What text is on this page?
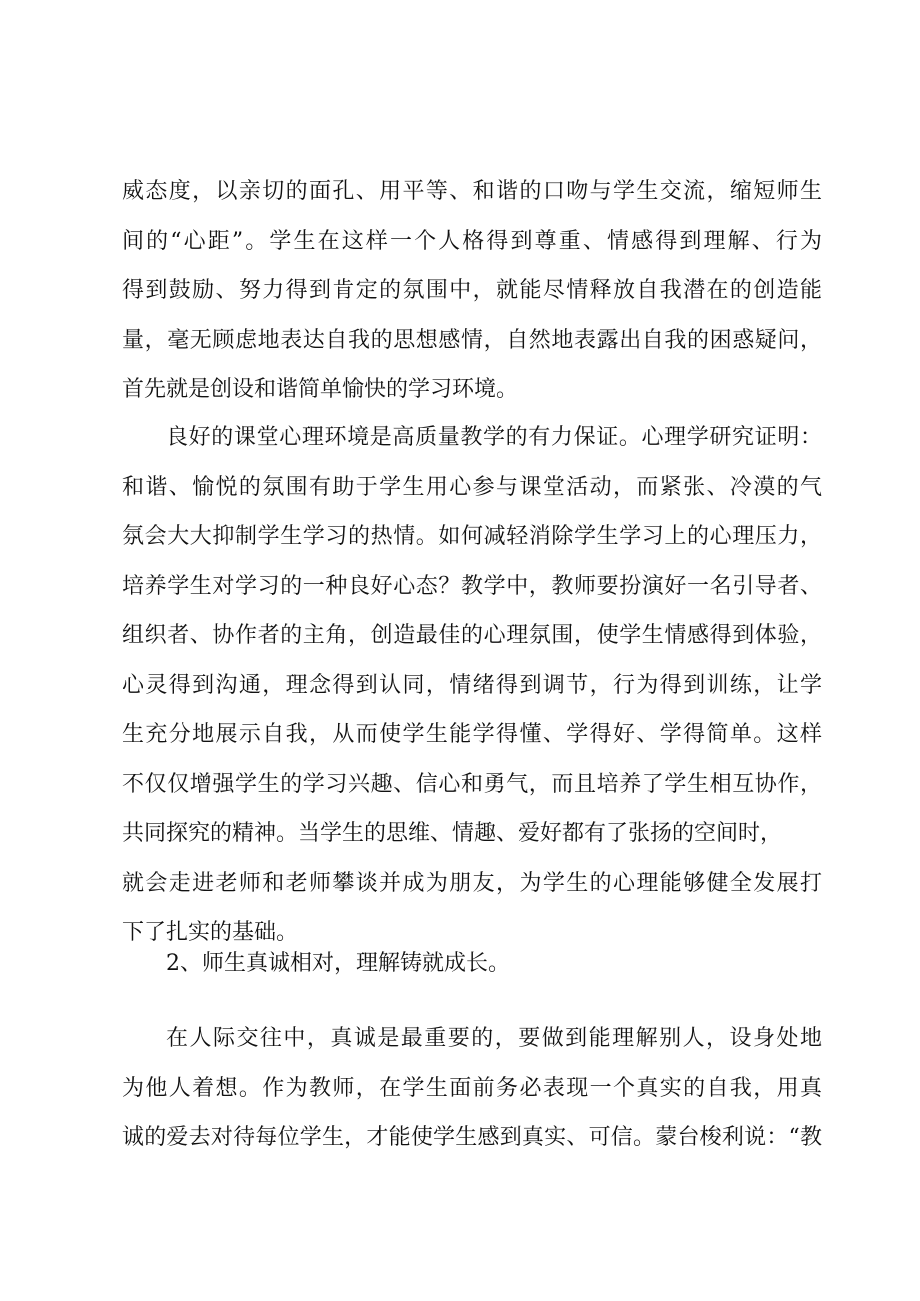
威态度，以亲切的面孔、用平等、和谐的口吻与学生交流，缩短师生
间的“心距”。学生在这样一个人格得到尊重、情感得到理解、行为
得到鼓励、努力得到肯定的氛围中，就能尽情释放自我潜在的创造能
量，毫无顾虑地表达自我的思想感情，自然地表露出自我的困惑疑问，
首先就是创设和谐简单愉快的学习环境。
良好的课堂心理环境是高质量教学的有力保证。心理学研究证明：
和谐、愉悦的氛围有助于学生用心参与课堂活动，而紧张、冷漠的气
氛会大大抑制学生学习的热情。如何减轻消除学生学习上的心理压力，
培养学生对学习的一种良好心态？教学中，教师要扮演好一名引导者、
组织者、协作者的主角，创造最佳的心理氛围，使学生情感得到体验，
心灵得到沟通，理念得到认同，情绪得到调节，行为得到训练，让学
生充分地展示自我，从而使学生能学得懂、学得好、学得简单。这样
不仅仅增强学生的学习兴趣、信心和勇气，而且培养了学生相互协作，
共同探究的精神。当学生的思维、情趣、爱好都有了张扬的空间时，
就会走进老师和老师攀谈并成为朋友，为学生的心理能够健全发展打
下了扎实的基础。
2、师生真诚相对，理解铸就成长。
在人际交往中，真诚是最重要的，要做到能理解别人，设身处地
为他人着想。作为教师，在学生面前务必表现一个真实的自我，用真
诚的爱去对待每位学生，才能使学生感到真实、可信。蒙台梭利说：“教
